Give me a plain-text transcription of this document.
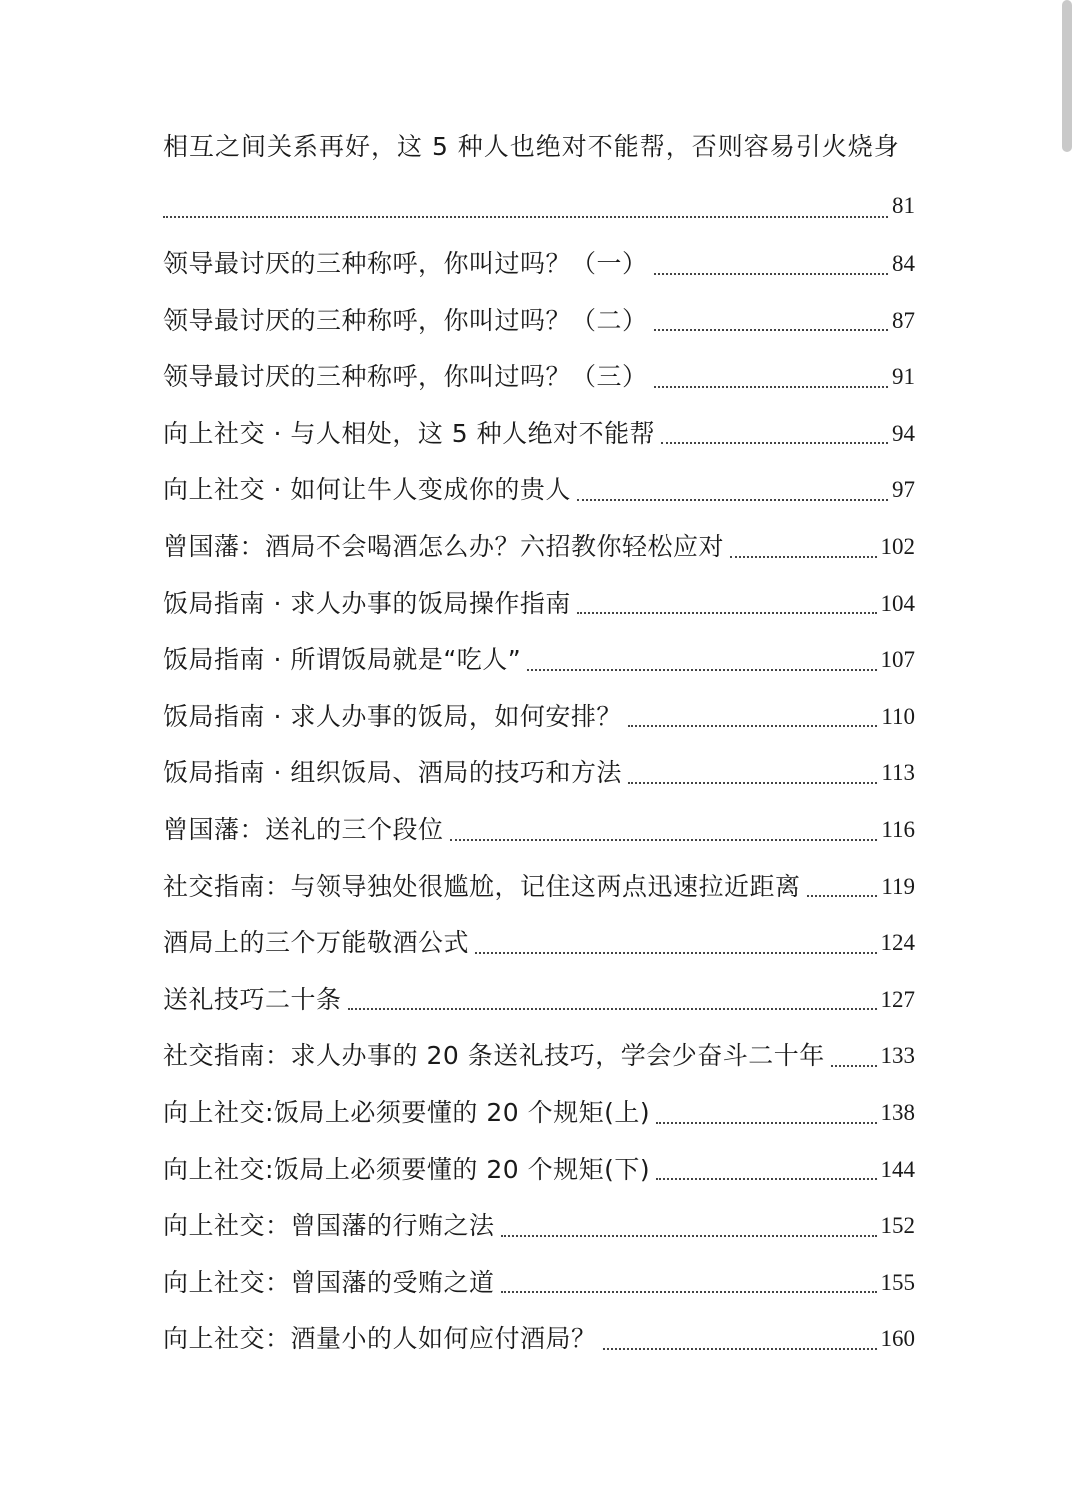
相互之间关系再好，这 5 种人也绝对不能帮，否则容易引火烧身
81
领导最讨厌的三种称呼，你叫过吗？（一）	84
领导最讨厌的三种称呼，你叫过吗？（二）	87
领导最讨厌的三种称呼，你叫过吗？（三）	91
向上社交 · 与人相处，这 5 种人绝对不能帮	94
向上社交 · 如何让牛人变成你的贵人	97
曾国藩：酒局不会喝酒怎么办？六招教你轻松应对	102
饭局指南 · 求人办事的饭局操作指南	104
饭局指南 · 所谓饭局就是“吃人”	107
饭局指南 · 求人办事的饭局，如何安排？	110
饭局指南 · 组织饭局、酒局的技巧和方法	113
曾国藩：送礼的三个段位	116
社交指南：与领导独处很尴尬，记住这两点迅速拉近距离	119
酒局上的三个万能敬酒公式	124
送礼技巧二十条	127
社交指南：求人办事的 20 条送礼技巧，学会少奋斗二十年 133
向上社交:饭局上必须要懂的 20 个规矩(上)	138
向上社交:饭局上必须要懂的 20 个规矩(下)	144
向上社交：曾国藩的行贿之法	152
向上社交：曾国藩的受贿之道	155
向上社交：酒量小的人如何应付酒局？	160
